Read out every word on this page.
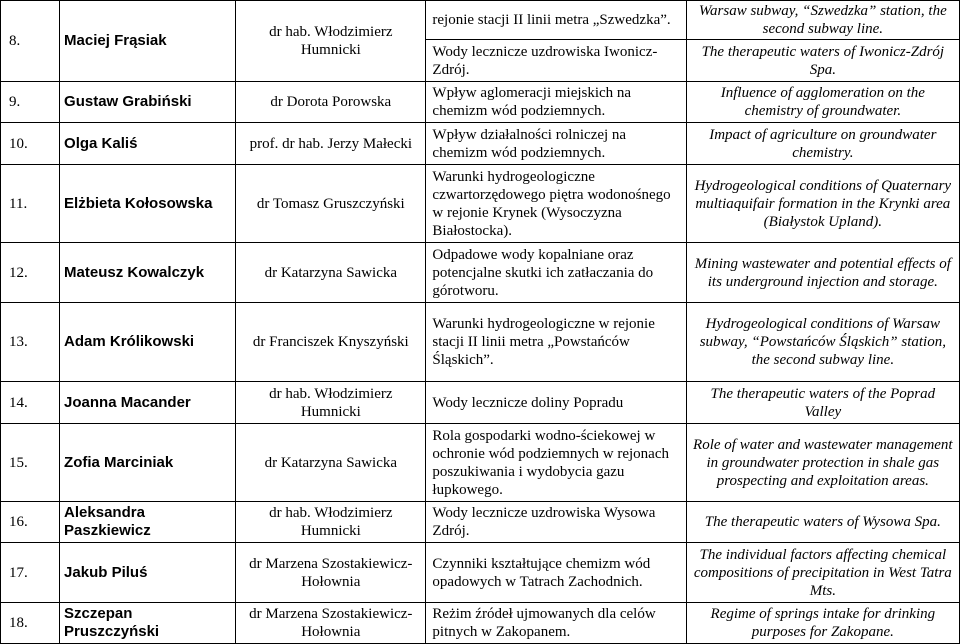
8.	Maciej Frąsiak	dr hab. Włodzimierz Humnicki	rejonie stacji II linii metra „Szwedzka”.	Warsaw subway, “Szwedzka” station, the second subway line.
			Wody lecznicze uzdrowiska Iwonicz-Zdrój.	The therapeutic waters of Iwonicz-Zdrój Spa.
9.	Gustaw Grabiński	dr Dorota Porowska	Wpływ aglomeracji miejskich na chemizm wód podziemnych.	Influence of agglomeration on the chemistry of groundwater.
10.	Olga Kaliś	prof. dr hab. Jerzy Małecki	Wpływ działalności rolniczej na chemizm wód podziemnych.	Impact of agriculture on groundwater chemistry.
11.	Elżbieta Kołosowska	dr Tomasz Gruszczyński	Warunki hydrogeologiczne czwartorzędowego piętra wodonośnego w rejonie Krynek (Wysoczyzna Białostocka).	Hydrogeological conditions of Quaternary multiaquifair formation in the Krynki area (Białystok Upland).
12.	Mateusz Kowalczyk	dr Katarzyna Sawicka	Odpadowe wody kopalniane oraz potencjalne skutki ich zatłaczania do górotworu.	Mining wastewater and potential effects of its underground injection and storage.
13.	Adam Królikowski	dr Franciszek Knyszyński	Warunki hydrogeologiczne w rejonie stacji II linii metra „Powstańców Śląskich”.	Hydrogeological conditions of Warsaw subway, “Powstańców Śląskich” station, the second subway line.
14.	Joanna Macander	dr hab. Włodzimierz Humnicki	Wody lecznicze doliny Popradu	The therapeutic waters of the Poprad Valley
15.	Zofia Marciniak	dr Katarzyna Sawicka	Rola gospodarki wodno-ściekowej w ochronie wód podziemnych w rejonach poszukiwania i wydobycia gazu łupkowego.	Role of water and wastewater management in groundwater protection in shale gas prospecting and exploitation areas.
16.	Aleksandra Paszkiewicz	dr hab. Włodzimierz Humnicki	Wody lecznicze uzdrowiska Wysowa Zdrój.	The therapeutic waters of Wysowa Spa.
17.	Jakub Piluś	dr Marzena Szostakiewicz-Hołownia	Czynniki kształtujące chemizm wód opadowych w Tatrach Zachodnich.	The individual factors affecting chemical compositions of precipitation in West Tatra Mts.
18.	Szczepan Pruszczyński	dr Marzena Szostakiewicz-Hołownia	Reżim źródeł ujmowanych dla celów pitnych w Zakopanem.	Regime of springs intake for drinking purposes for Zakopane.
